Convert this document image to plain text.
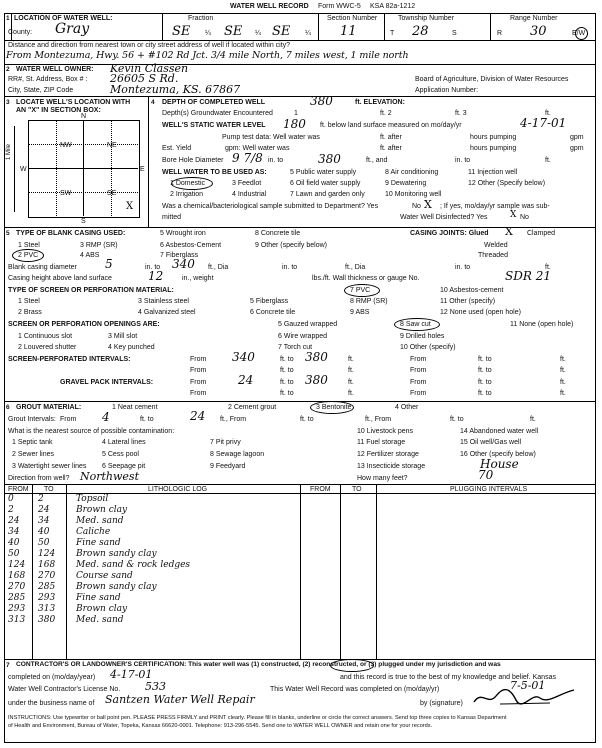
WATER WELL RECORD Form WWC-5 KSA 82a-1212
1 LOCATION OF WATER WELL:
County: Gray
Fraction
SE ¼ SE ¼ SE ¼
Section Number
11
Township Number
T 28	S
Range Number
R 30	E/W
Distance and direction from nearest town or city street address of well if located within city?
From Montezuma, Hwy. 56 + #102 Rd Jct. 3/4 mile North, 7 miles west, 1 mile north
2 WATER WELL OWNER: Kevin Classen
RR#, St. Address, Box # : 26605 S Rd.
City, State, ZIP Code	Montezuma, KS. 67867
Board of Agriculture, Division of Water Resources
Application Number:
3 LOCATE WELL'S LOCATION WITH
AN "X" IN SECTION BOX:
N
S
W	E
NW	NE
SW	SE
X
1 Mile
4 DEPTH OF COMPLETED WELL	380	ft. ELEVATION:
Depth(s) Groundwater Encountered	1	ft. 2	ft. 3	ft.
WELL'S STATIC WATER LEVEL 180 ft. below land surface measured on mo/day/yr	4-17-01
Pump test data: Well water was	ft. after	hours pumping	gpm
Est. Yield	gpm: Well water was	ft. after	hours pumping	gpm
Bore Hole Diameter 9 7/8 in. to	380	ft., and	in. to	ft.
WELL WATER TO BE USED AS:
1 Domestic	3 Feedlot
5 Public water supply
6 Oil field water supply
8 Air conditioning
9 Dewatering
11 Injection well
12 Other (Specify below)
2 Irrigation	4 Industrial	7 Lawn and garden only	10 Monitoring well
Was a chemical/bacteriological sample submitted to Department? Yes	No X ; If yes, mo/day/yr sample was sub-
mitted	Water Well Disinfected? Yes X No
5 TYPE OF BLANK CASING USED:
1 Steel	3 RMP (SR)
5 Wrought iron	8 Concrete tile
2 PVC	4 ABS
6 Asbestos-Cement
7 Fiberglass
9 Other (specify below)
CASING JOINTS: Glued X Clamped
Welded
Threaded
Blank casing diameter 5	in. to 340 ft., Dia	in. to	ft., Dia	in. to	ft.
Casing height above land surface	12	in., weight	lbs./ft. Wall thickness or gauge No.	SDR 21
TYPE OF SCREEN OR PERFORATION MATERIAL:
1 Steel	3 Stainless steel	5 Fiberglass
7 PVC	10 Asbestos-cement
2 Brass	4 Galvanized steel	6 Concrete tile
8 RMP (SR)	11 Other (specify)
9 ABS	12 None used (open hole)
SCREEN OR PERFORATION OPENINGS ARE:	5 Gauzed wrapped	8 Saw cut	11 None (open hole)
1 Continuous slot	3 Mill slot	6 Wire wrapped	9 Drilled holes
2 Louvered shutter	4 Key punched	7 Torch cut	10 Other (specify)
SCREEN-PERFORATED INTERVALS:	From 340	ft. to 380	ft.	From	ft. to	ft.
From	ft. to	ft.	From	ft. to	ft.
GRAVEL PACK INTERVALS:	From	24	ft. to 380	ft.	From	ft. to	ft.
From	ft. to	ft.	From	ft. to	ft.
6 GROUT MATERIAL:	1 Neat cement	2 Cement grout	3 Bentonite	4 Other
Grout Intervals: From 4	ft. to	24 ft., From	ft. to	ft., From	ft. to	ft.
What is the nearest source of possible contamination:	10 Livestock pens	14 Abandoned water well
1 Septic tank	4 Lateral lines	7 Pit privy	11 Fuel storage	15 Oil well/Gas well
2 Sewer lines	5 Cess pool	8 Sewage lagoon	12 Fertilizer storage	16 Other (specify below)
3 Watertight sewer lines 6 Seepage pit	9 Feedyard	13 Insecticide storage	House
Direction from well? Northwest	How many feet?	70
FROM TO	LITHOLOGIC LOG	FROM	TO	PLUGGING INTERVALS
0	2	Topsoil
2	24	Brown clay
24 34	Med. sand
34 40	Caliche
40 50	Fine sand
50 124 Brown sandy clay
124 168 Med. sand & rock ledges
168 270 Course sand
270 285 Brown sandy clay
285 293 Fine sand
293 313 Brown clay
313 380 Med. sand
7 CONTRACTOR'S OR LANDOWNER'S CERTIFICATION: This water well was (1) constructed, (2) reconstructed, or (3) plugged under my jurisdiction and was
completed on (mo/day/year) 4-17-01	and this record is true to the best of my knowledge and belief. Kansas
Water Well Contractor's License No. 533	This Water Well Record was completed on (mo/day/yr)	7-5-01
under the business name of Santzen Water Well Repair	by (signature)
INSTRUCTIONS: Use typewriter or ball point pen. PLEASE PRESS FIRMLY and PRINT clearly. Please fill in blanks, underline or circle the correct answers. Send top three copies to Kansas Department
of Health and Environment, Bureau of Water, Topeka, Kansas 66620-0001. Telephone: 913-296-5545. Send one to WATER WELL OWNER and retain one for your records.
